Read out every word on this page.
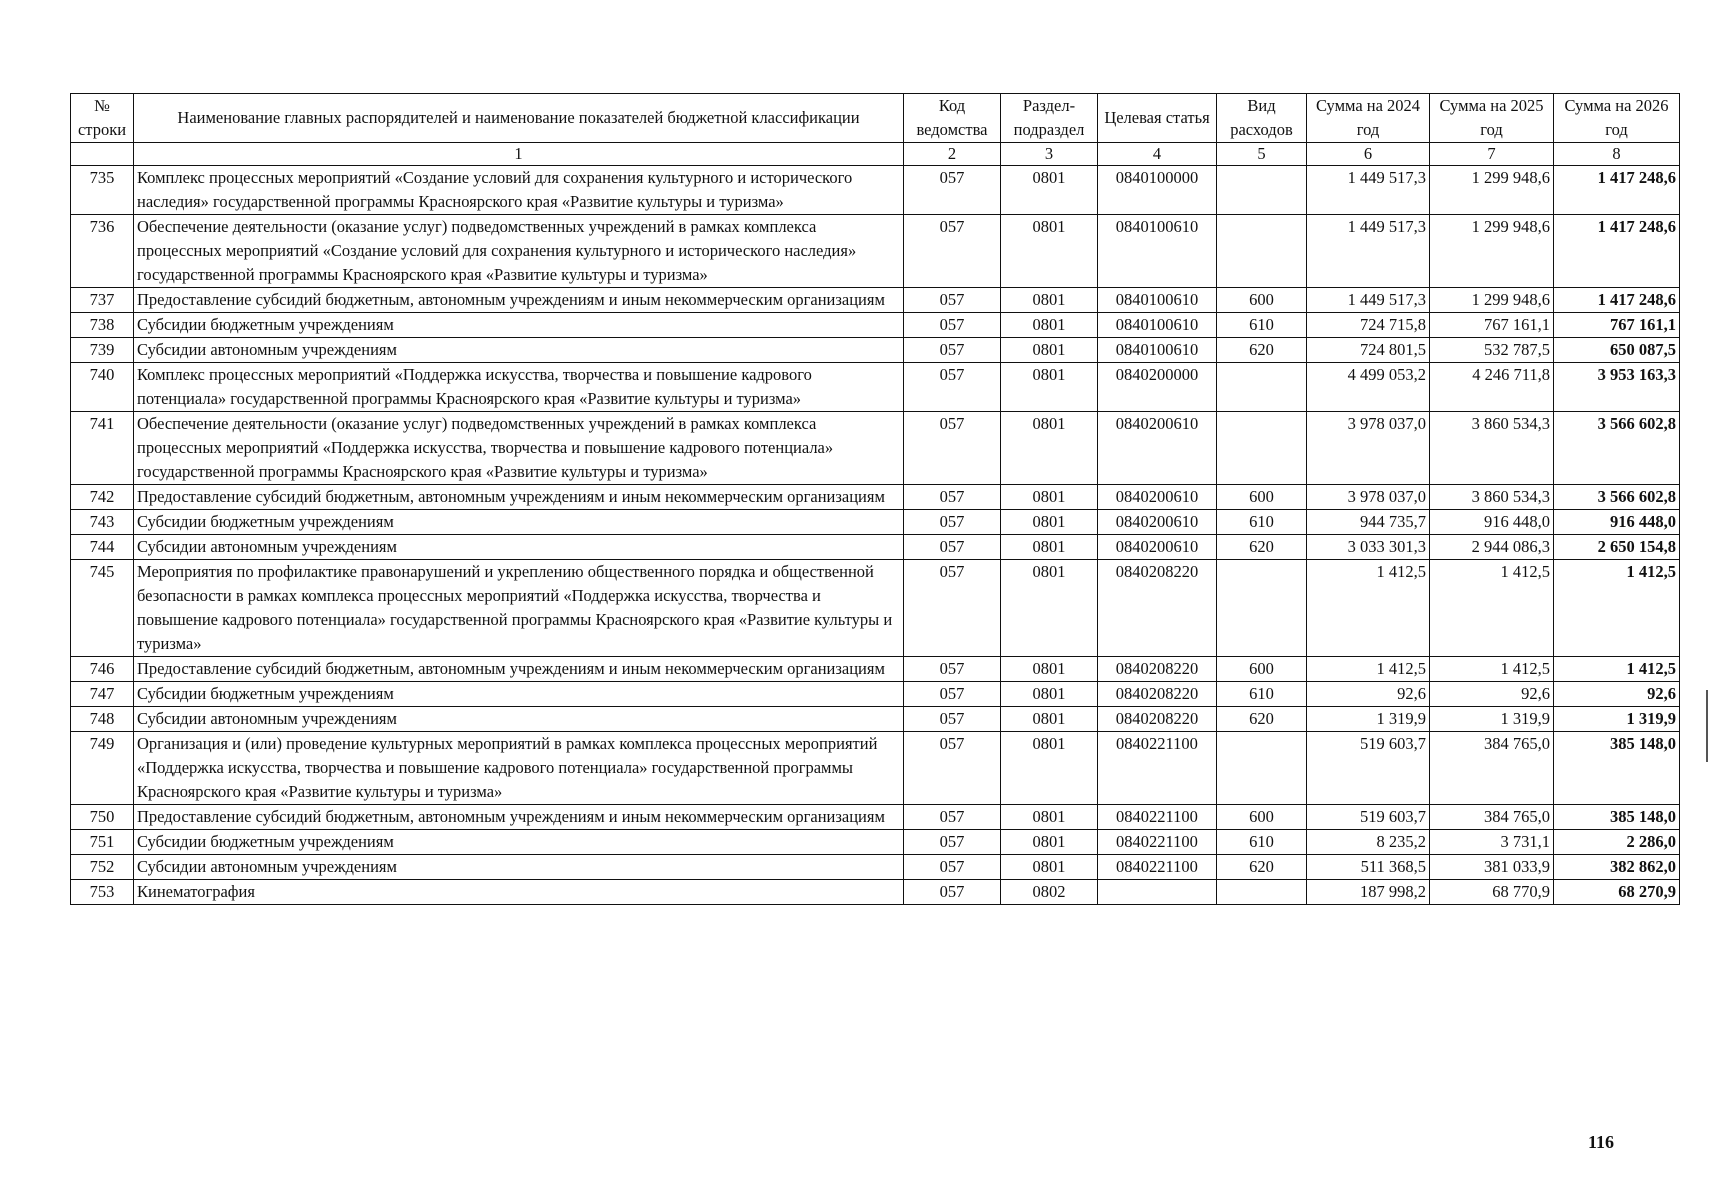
№ строки	Наименование главных распорядителей и наименование показателей бюджетной классификации	Код ведомства	Раздел-подраздел	Целевая статья	Вид расходов	Сумма на 2024 год	Сумма на 2025 год	Сумма на 2026 год
	1	2	3	4	5	6	7	8
735	Комплекс процессных мероприятий «Создание условий для сохранения культурного и исторического наследия» государственной программы Красноярского края «Развитие культуры и туризма»	057	0801	0840100000		1 449 517,3	1 299 948,6	1 417 248,6
736	Обеспечение деятельности (оказание услуг) подведомственных учреждений в рамках комплекса процессных мероприятий «Создание условий для сохранения культурного и исторического наследия» государственной программы Красноярского края «Развитие культуры и туризма»	057	0801	0840100610		1 449 517,3	1 299 948,6	1 417 248,6
737	Предоставление субсидий бюджетным, автономным учреждениям и иным некоммерческим организациям	057	0801	0840100610	600	1 449 517,3	1 299 948,6	1 417 248,6
738	Субсидии бюджетным учреждениям	057	0801	0840100610	610	724 715,8	767 161,1	767 161,1
739	Субсидии автономным учреждениям	057	0801	0840100610	620	724 801,5	532 787,5	650 087,5
740	Комплекс процессных мероприятий «Поддержка искусства, творчества и повышение кадрового потенциала» государственной программы Красноярского края «Развитие культуры и туризма»	057	0801	0840200000		4 499 053,2	4 246 711,8	3 953 163,3
741	Обеспечение деятельности (оказание услуг) подведомственных учреждений в рамках комплекса процессных мероприятий «Поддержка искусства, творчества и повышение кадрового потенциала» государственной программы Красноярского края «Развитие культуры и туризма»	057	0801	0840200610		3 978 037,0	3 860 534,3	3 566 602,8
742	Предоставление субсидий бюджетным, автономным учреждениям и иным некоммерческим организациям	057	0801	0840200610	600	3 978 037,0	3 860 534,3	3 566 602,8
743	Субсидии бюджетным учреждениям	057	0801	0840200610	610	944 735,7	916 448,0	916 448,0
744	Субсидии автономным учреждениям	057	0801	0840200610	620	3 033 301,3	2 944 086,3	2 650 154,8
745	Мероприятия по профилактике правонарушений и укреплению общественного порядка и общественной безопасности в рамках комплекса процессных мероприятий «Поддержка искусства, творчества и повышение кадрового потенциала» государственной программы Красноярского края «Развитие культуры и туризма»	057	0801	0840208220		1 412,5	1 412,5	1 412,5
746	Предоставление субсидий бюджетным, автономным учреждениям и иным некоммерческим организациям	057	0801	0840208220	600	1 412,5	1 412,5	1 412,5
747	Субсидии бюджетным учреждениям	057	0801	0840208220	610	92,6	92,6	92,6
748	Субсидии автономным учреждениям	057	0801	0840208220	620	1 319,9	1 319,9	1 319,9
749	Организация и (или) проведение культурных мероприятий в рамках комплекса процессных мероприятий «Поддержка искусства, творчества и повышение кадрового потенциала» государственной программы Красноярского края «Развитие культуры и туризма»	057	0801	0840221100		519 603,7	384 765,0	385 148,0
750	Предоставление субсидий бюджетным, автономным учреждениям и иным некоммерческим организациям	057	0801	0840221100	600	519 603,7	384 765,0	385 148,0
751	Субсидии бюджетным учреждениям	057	0801	0840221100	610	8 235,2	3 731,1	2 286,0
752	Субсидии автономным учреждениям	057	0801	0840221100	620	511 368,5	381 033,9	382 862,0
753	Кинематография	057	0802			187 998,2	68 770,9	68 270,9
116
